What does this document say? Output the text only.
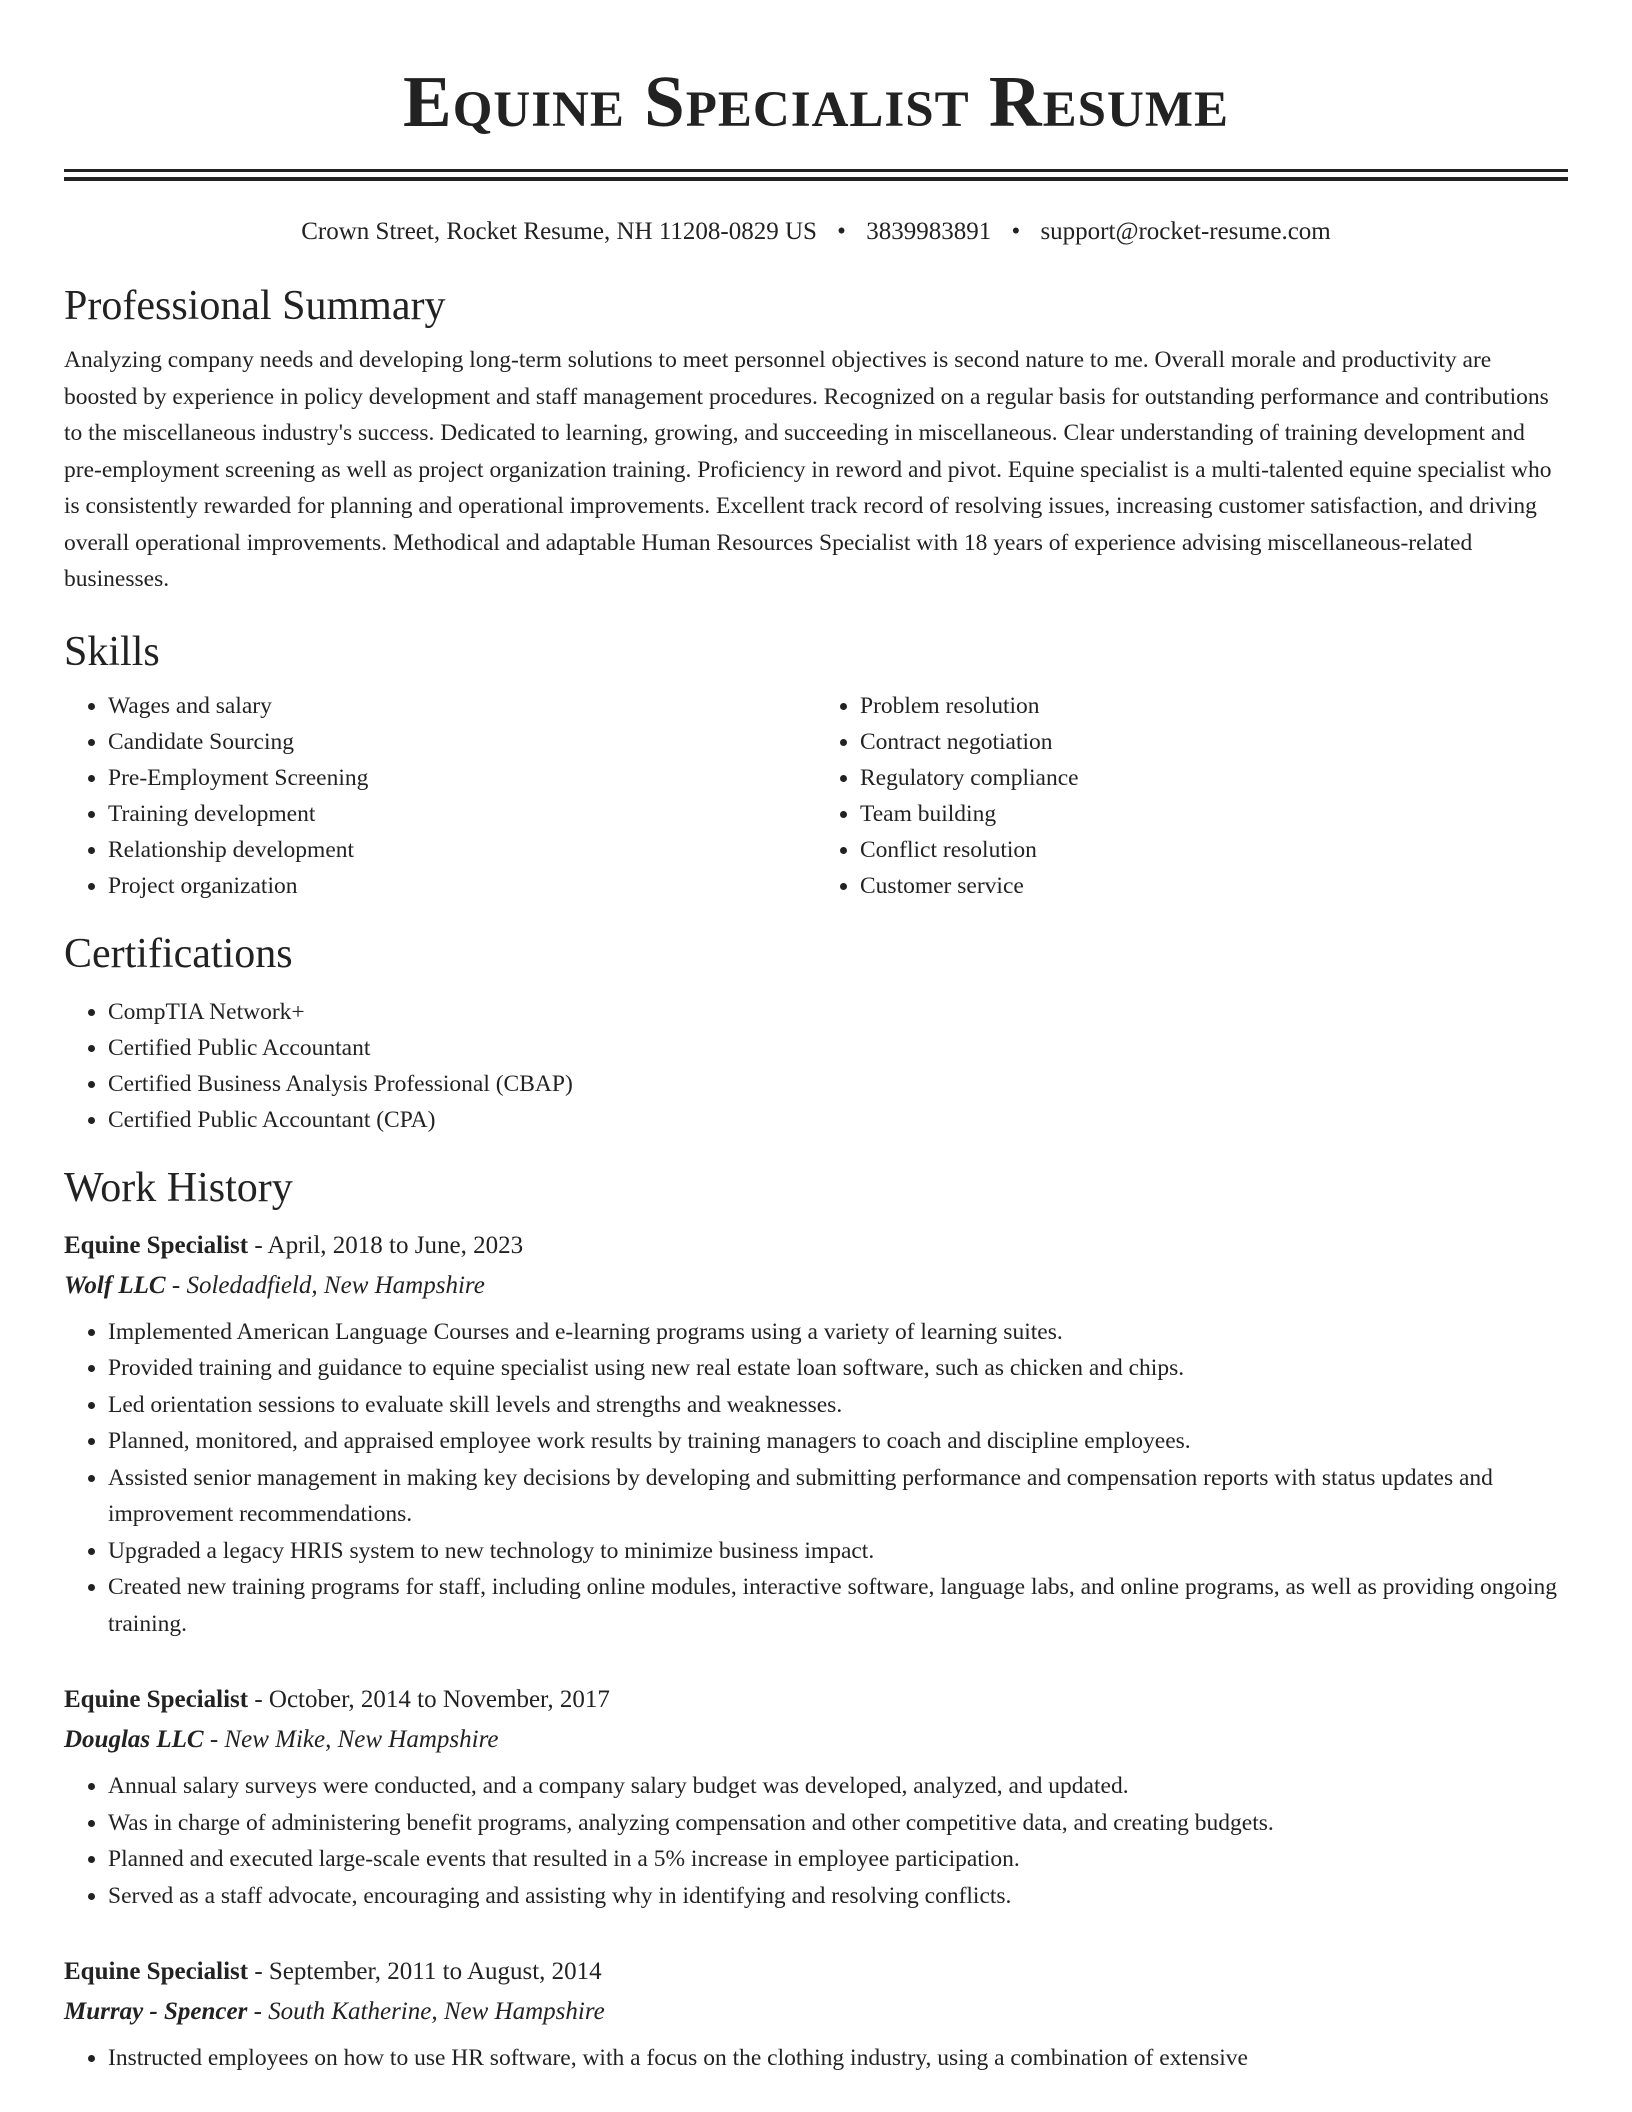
Equine Specialist Resume
Crown Street, Rocket Resume, NH 11208-0829 US • 3839983891 • support@rocket-resume.com
Professional Summary

Analyzing company needs and developing long-term solutions to meet personnel objectives is second nature to me. Overall morale and productivity are boosted by experience in policy development and staff management procedures. Recognized on a regular basis for outstanding performance and contributions to the miscellaneous industry's success. Dedicated to learning, growing, and succeeding in miscellaneous. Clear understanding of training development and pre-employment screening as well as project organization training. Proficiency in reword and pivot. Equine specialist is a multi-talented equine specialist who is consistently rewarded for planning and operational improvements. Excellent track record of resolving issues, increasing customer satisfaction, and driving overall operational improvements. Methodical and adaptable Human Resources Specialist with 18 years of experience advising miscellaneous-related businesses.

Skills
• Wages and salary
• Candidate Sourcing
• Pre-Employment Screening
• Training development
• Relationship development
• Project organization
• Problem resolution
• Contract negotiation
• Regulatory compliance
• Team building
• Conflict resolution
• Customer service
Certifications
• CompTIA Network+
• Certified Public Accountant
• Certified Business Analysis Professional (CBAP)
• Certified Public Accountant (CPA)
Work History
Equine Specialist - April, 2018 to June, 2023
Wolf LLC - Soledadfield, New Hampshire
• Implemented American Language Courses and e-learning programs using a variety of learning suites.
• Provided training and guidance to equine specialist using new real estate loan software, such as chicken and chips.
• Led orientation sessions to evaluate skill levels and strengths and weaknesses.
• Planned, monitored, and appraised employee work results by training managers to coach and discipline employees.
• Assisted senior management in making key decisions by developing and submitting performance and compensation reports with status updates and improvement recommendations.
• Upgraded a legacy HRIS system to new technology to minimize business impact.
• Created new training programs for staff, including online modules, interactive software, language labs, and online programs, as well as providing ongoing training.
Equine Specialist - October, 2014 to November, 2017
Douglas LLC - New Mike, New Hampshire
• Annual salary surveys were conducted, and a company salary budget was developed, analyzed, and updated.
• Was in charge of administering benefit programs, analyzing compensation and other competitive data, and creating budgets.
• Planned and executed large-scale events that resulted in a 5% increase in employee participation.
• Served as a staff advocate, encouraging and assisting why in identifying and resolving conflicts.
Equine Specialist - September, 2011 to August, 2014
Murray - Spencer - South Katherine, New Hampshire
• Instructed employees on how to use HR software, with a focus on the clothing industry, using a combination of extensive
